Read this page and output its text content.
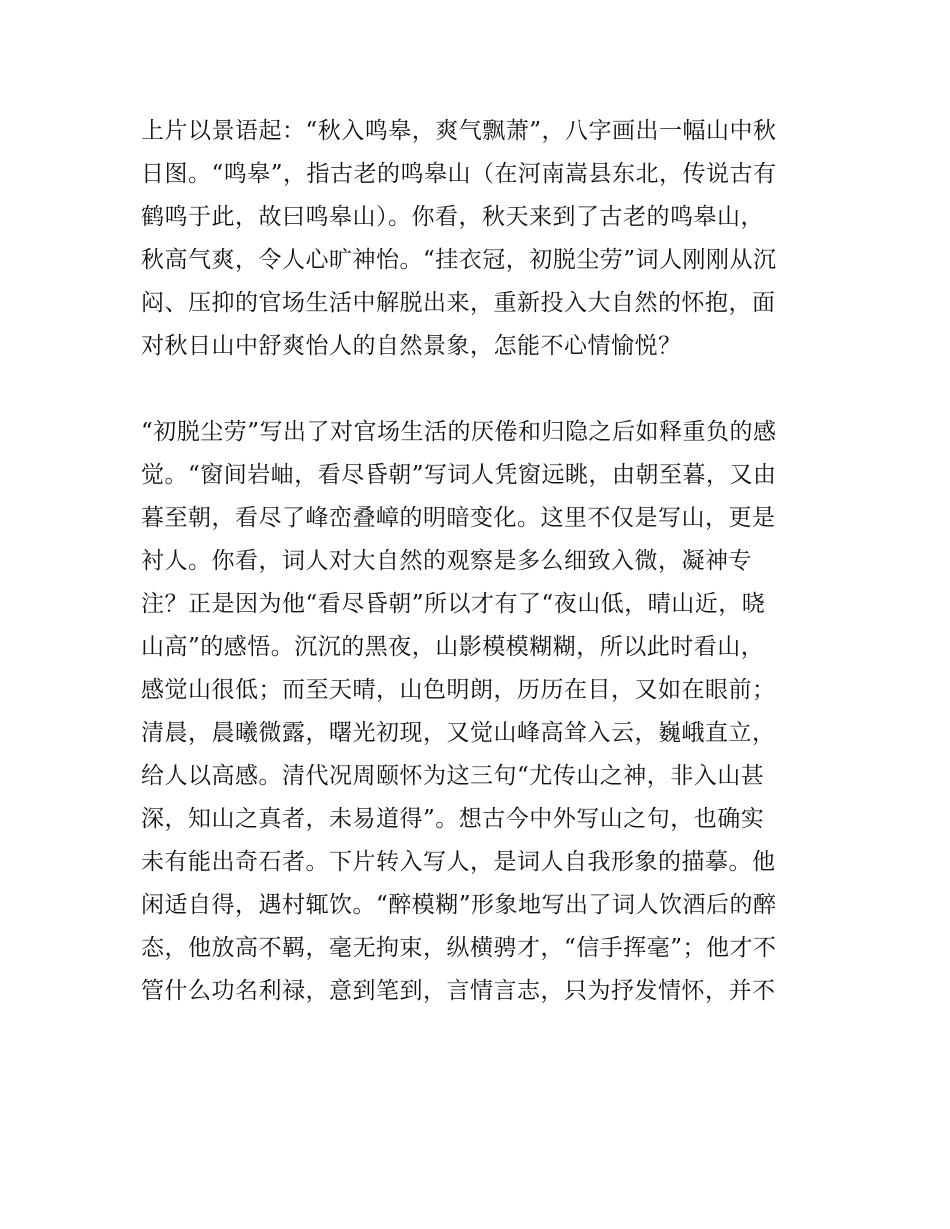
上片以景语起：“秋入鸣皋，爽气飘萧”，八字画出一幅山中秋
日图。“鸣皋”，指古老的鸣皋山（在河南嵩县东北，传说古有
鹤鸣于此，故曰鸣皋山）。你看，秋天来到了古老的鸣皋山，
秋高气爽，令人心旷神怡。“挂衣冠，初脱尘劳”词人刚刚从沉
闷、压抑的官场生活中解脱出来，重新投入大自然的怀抱，面
对秋日山中舒爽怡人的自然景象，怎能不心情愉悦？
“初脱尘劳”写出了对官场生活的厌倦和归隐之后如释重负的感
觉。“窗间岩岫，看尽昏朝”写词人凭窗远眺，由朝至暮，又由
暮至朝，看尽了峰峦叠嶂的明暗变化。这里不仅是写山，更是
衬人。你看，词人对大自然的观察是多么细致入微，凝神专
注？正是因为他“看尽昏朝”所以才有了“夜山低，晴山近，晓
山高”的感悟。沉沉的黑夜，山影模模糊糊，所以此时看山，
感觉山很低；而至天晴，山色明朗，历历在目，又如在眼前；
清晨，晨曦微露，曙光初现，又觉山峰高耸入云，巍峨直立，
给人以高感。清代况周颐怀为这三句“尤传山之神，非入山甚
深，知山之真者，未易道得”。想古今中外写山之句，也确实
未有能出奇石者。下片转入写人，是词人自我形象的描摹。他
闲适自得，遇村辄饮。“醉模糊”形象地写出了词人饮酒后的醉
态，他放高不羁，毫无拘束，纵横骋才，“信手挥毫”；他才不
管什么功名利禄，意到笔到，言情言志，只为抒发情怀，并不
